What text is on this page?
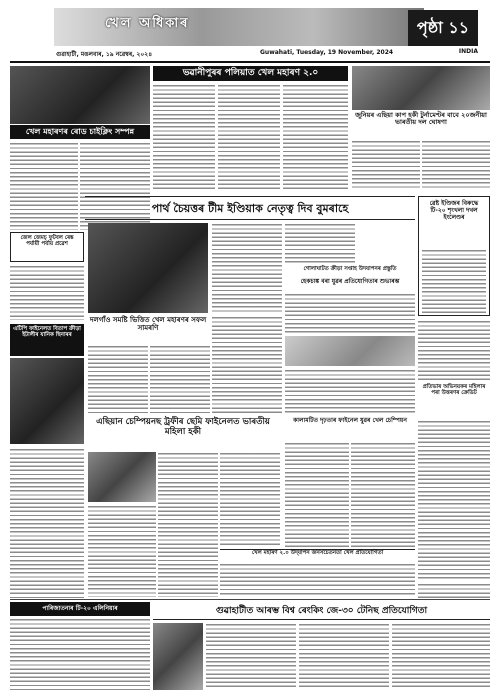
খেল অধিকাৰ	পৃষ্ঠা ১১
INDIA
গুৱাহাটী, মঙলবাৰ, ১৯ নৱেম্বৰ, ২০২৪	Guwahati, Tuesday, 19 November, 2024
খেল মহাৰণৰ ৰোড চাইক্লিং সম্পন্ন
ভৱানীপুৰৰ পলিয়াত খেল মহাৰণ ২.০
জুনিয়ৰ এছিয়া কাপ হকী টুৰ্নামেণ্টৰ বাবে ২০জনীয়া ভাৰতীয় দল ঘোষণা
পাৰ্থ চৈয়ত্তৰ টীম ইণ্ডিয়াক নেতৃত্ব দিব বুমৰাহে	ৱেষ্ট ইণ্ডিজৰ বিৰুদ্ধে টি-২০ শৃংখলা দখল ইংলেণ্ডৰ
জেল জেমচ্ ফুটবল ৰেঙ্ক পৰ্যায়ী পৰ্যায় প্ৰৱেশ
গোলাঘাটত ক্ৰীড়া সপ্তাহ উদযাপনৰ প্ৰস্তুতি
হেকচাঙ্ক বৰা যুৱৰ প্ৰতিযোগিতাৰ শুভাৰম্ভ
দলগাঁও সমষ্টি ভিত্তিত খেল মহাৰণৰ সফল সামৰণি
প্ৰতিভাৰ অভিনয়কৰ মহিলাৰ পৰা উত্তৰণৰ ক্ৰেডিট
এটিপি ফাইনেলত বিতাপ ক্ৰীড়া ইটালীৰ যানিক ছিনাৰৰ
এছিয়ান চেম্পিয়নছ ট্ৰফীৰ ছেমি ফাইনেলত ভাৰতীয় মহিলা হকী
কালামটিত দৃঢ়তাৰ ফাইনেল যুৱৰ খেল চেম্পিয়ন
খেল মহাৰণ ২.০ উদ্‌যাপন জনসচেতনতা খেল প্ৰতিযোগিতা
পাৰিজাতনাৰ টি-২০ এলিনিয়াৰ	গুৱাহাটীত আৰম্ভ বিশ্ব ৰেংকিং জে-৩০ টেনিছ প্ৰতিযোগিতা
